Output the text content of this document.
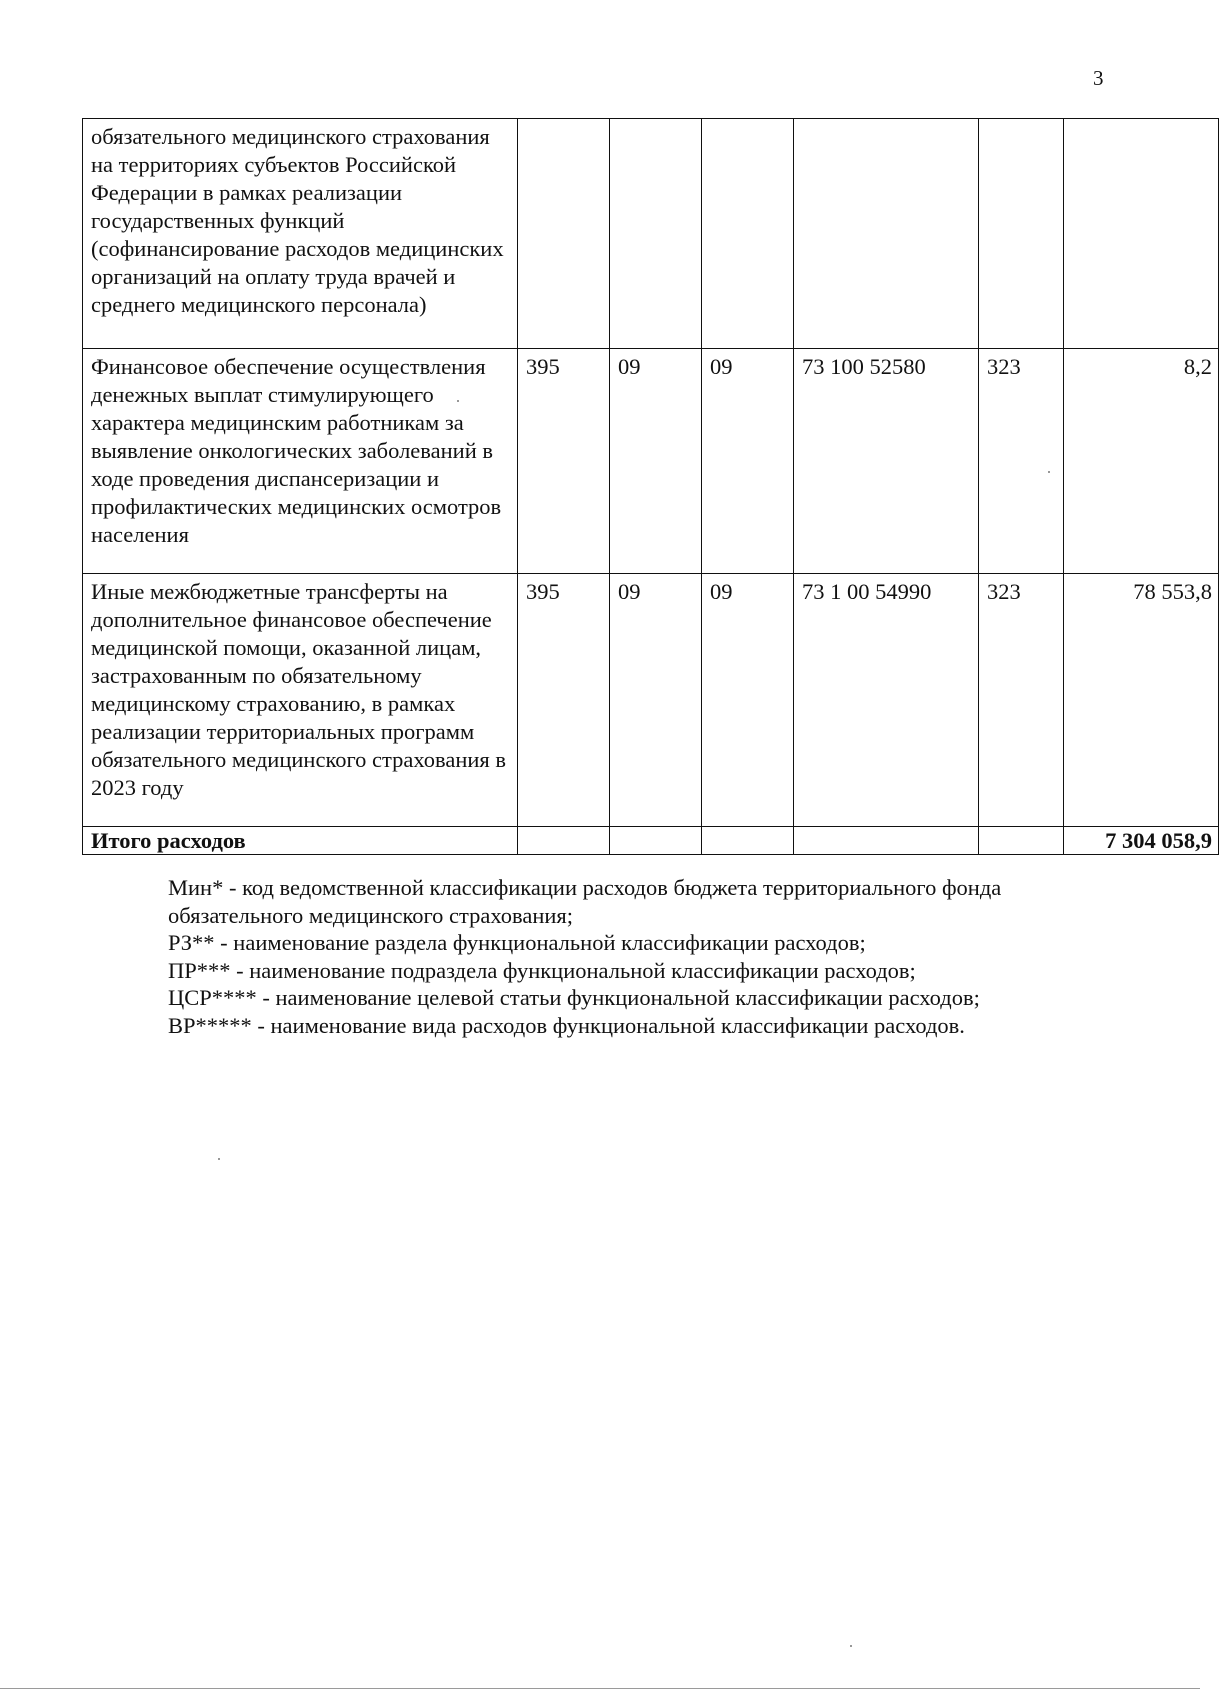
3
обязательного медицинского страхования на территориях субъектов Российской Федерации в рамках реализации государственных функций (софинансирование расходов медицинских организаций на оплату труда врачей и среднего медицинского персонала)						
Финансовое обеспечение осуществления денежных выплат стимулирующего характера медицинским работникам за выявление онкологических заболеваний в ходе проведения диспансеризации и профилактических медицинских осмотров населения	395	09	09	73 100 52580	323	8,2
Иные межбюджетные трансферты на дополнительное финансовое обеспечение медицинской помощи, оказанной лицам, застрахованным по обязательному медицинскому страхованию, в рамках реализации территориальных программ обязательного медицинского страхования в 2023 году	395	09	09	73 1 00 54990	323	78 553,8
Итого расходов						7 304 058,9
Мин* - код ведомственной классификации расходов бюджета территориального фонда
обязательного медицинского страхования;
РЗ** - наименование раздела функциональной классификации расходов;
ПР*** - наименование подраздела функциональной классификации расходов;
ЦСР**** - наименование целевой статьи функциональной классификации расходов;
ВР***** - наименование вида расходов функциональной классификации расходов.
